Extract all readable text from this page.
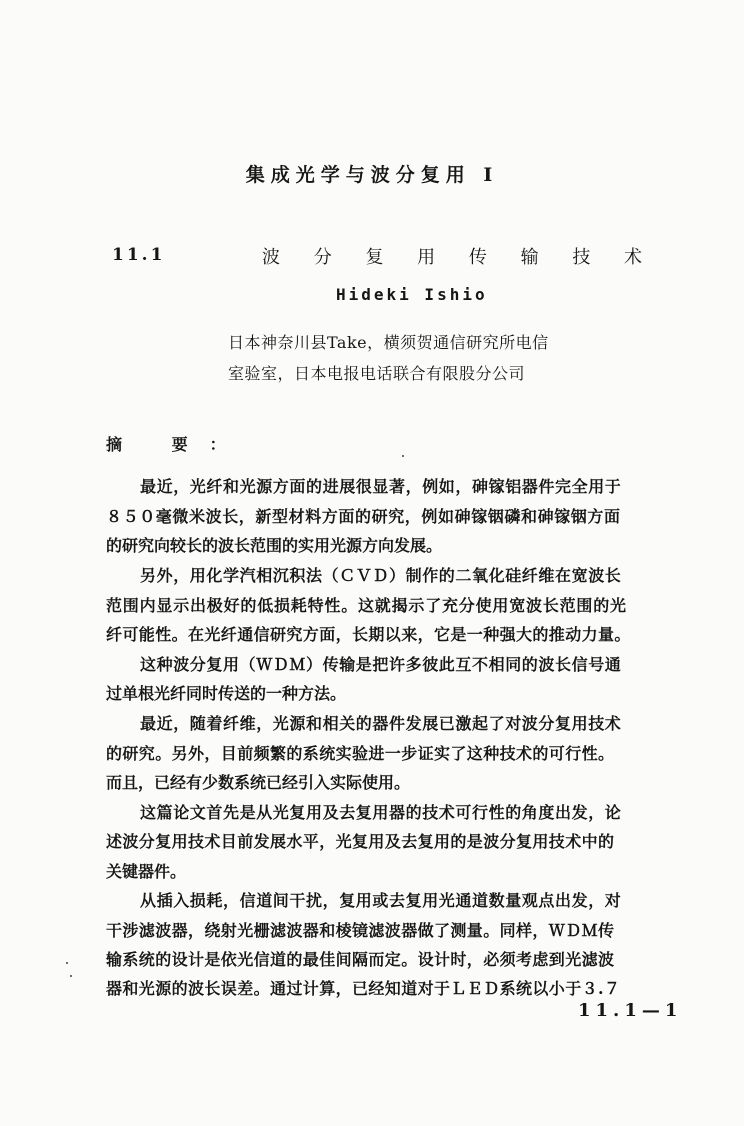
集成光学与波分复用 I
11.1	波 分 复 用 传 输 技 术
Hideki Ishio
日本神奈川县Take，横须贺通信研究所电信
室验室，日本电报电话联合有限股分公司
摘 要：
最近，光纤和光源方面的进展很显著，例如，砷镓铝器件完全用于
８５０毫微米波长，新型材料方面的研究，例如砷镓铟磷和砷镓铟方面
的研究向较长的波长范围的实用光源方向发展。
另外，用化学汽相沉积法（ＣＶＤ）制作的二氧化硅纤维在宽波长
范围内显示出极好的低损耗特性。这就揭示了充分使用宽波长范围的光
纤可能性。在光纤通信研究方面，长期以来，它是一种强大的推动力量。
这种波分复用（ＷＤＭ）传输是把许多彼此互不相同的波长信号通
过单根光纤同时传送的一种方法。
最近，随着纤维，光源和相关的器件发展已激起了对波分复用技术
的研究。另外，目前频繁的系统实验进一步证实了这种技术的可行性。
而且，已经有少数系统已经引入实际使用。
这篇论文首先是从光复用及去复用器的技术可行性的角度出发，论
述波分复用技术目前发展水平，光复用及去复用的是波分复用技术中的
关键器件。
从插入损耗，信道间干扰，复用或去复用光通道数量观点出发，对
干涉滤波器，绕射光栅滤波器和棱镜滤波器做了测量。同样，ＷＤＭ传
输系统的设计是依光信道的最佳间隔而定。设计时，必须考虑到光滤波
器和光源的波长误差。通过计算，已经知道对于ＬＥＤ系统以小于３.７
11.1—1
